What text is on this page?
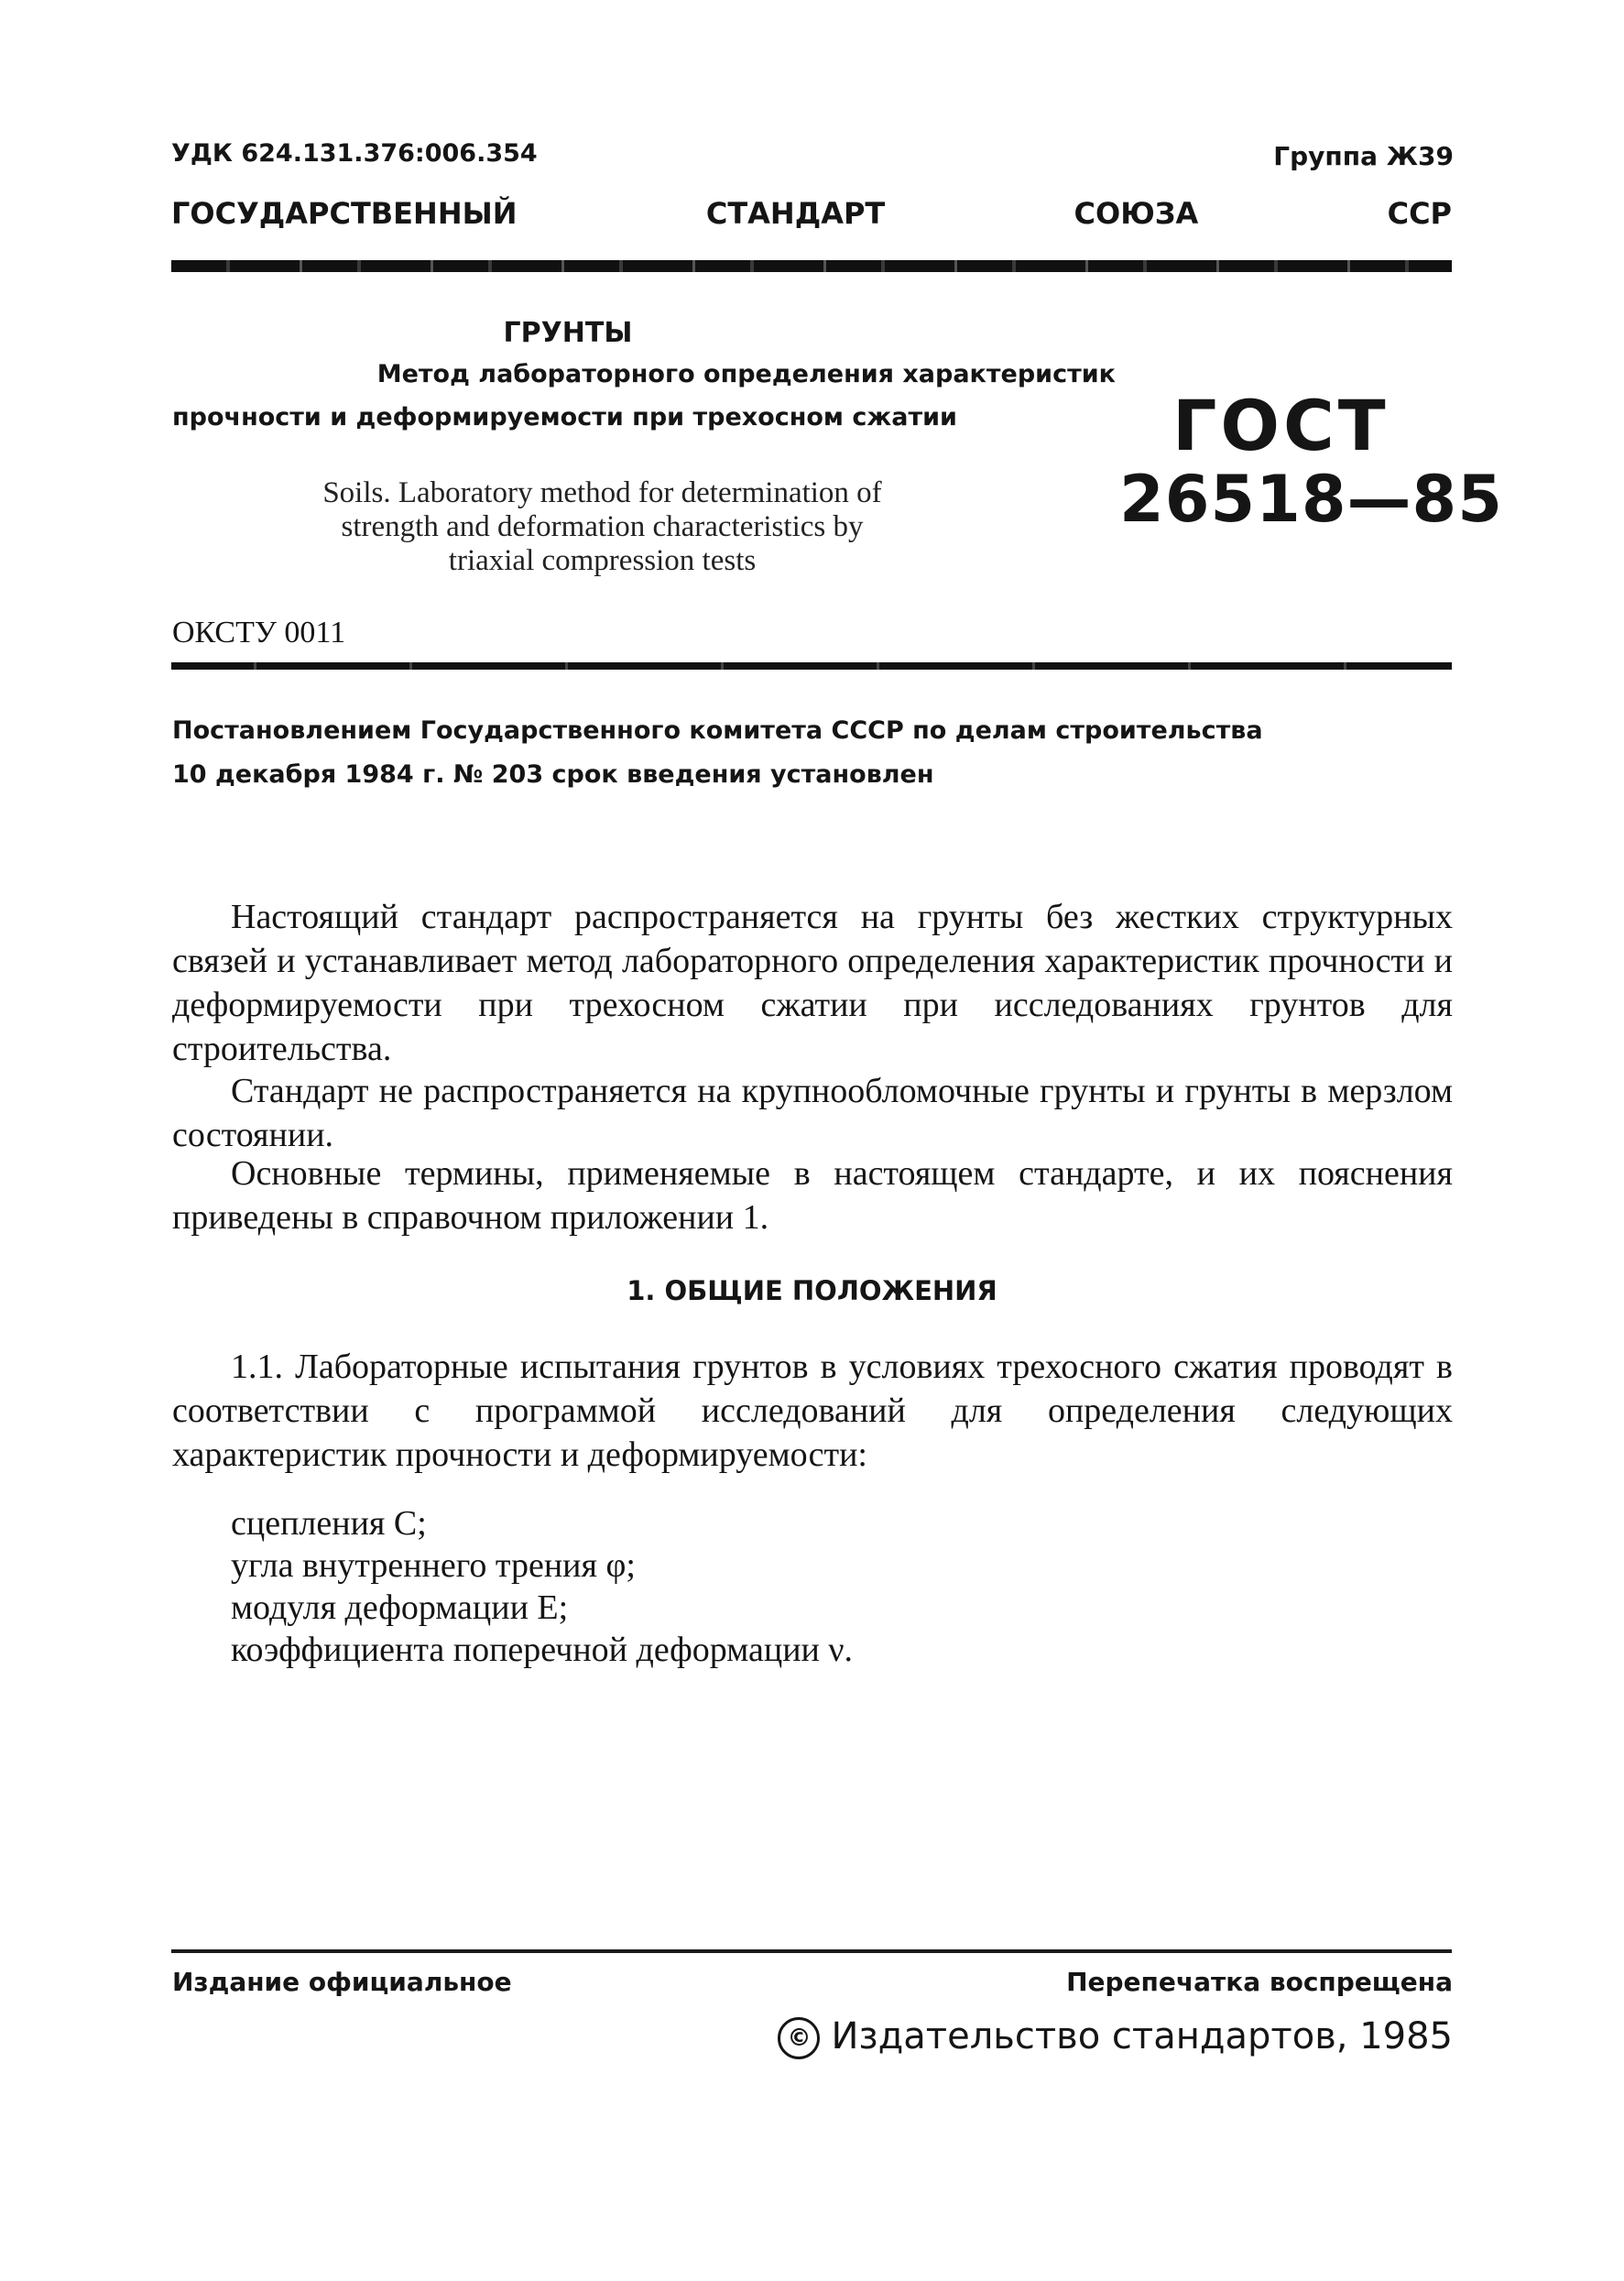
УДК 624.131.376:006.354	Группа Ж39
ГОСУДАРСТВЕННЫЙ	СТАНДАРТ	СОЮЗА	ССР
ГРУНТЫ
Метод лабораторного определения характеристик
прочности и деформируемости при трехосном сжатии	ГОСТ
26518—85
Soils. Laboratory method for determination of
strength and deformation characteristics by
triaxial compression tests
ОКСТУ 0011
Постановлением Государственного комитета СССР по делам строительства
10 декабря 1984 г. № 203 срок введения установлен
Настоящий стандарт распространяется на грунты без жестких структурных связей и устанавливает метод лабораторного определения характеристик прочности и деформируемости при трехосном сжатии при исследованиях грунтов для строительства.
Стандарт не распространяется на крупнообломочные грунты и грунты в мерзлом состоянии.
Основные термины, применяемые в настоящем стандарте, и их пояснения приведены в справочном приложении 1.
1. ОБЩИЕ ПОЛОЖЕНИЯ
1.1. Лабораторные испытания грунтов в условиях трехосного сжатия проводят в соответствии с программой исследований для определения следующих характеристик прочности и деформируемости:
сцепления C;
угла внутреннего трения φ;
модуля деформации E;
коэффициента поперечной деформации ν.
Издание официальное	Перепечатка воспрещена
© Издательство стандартов, 1985
